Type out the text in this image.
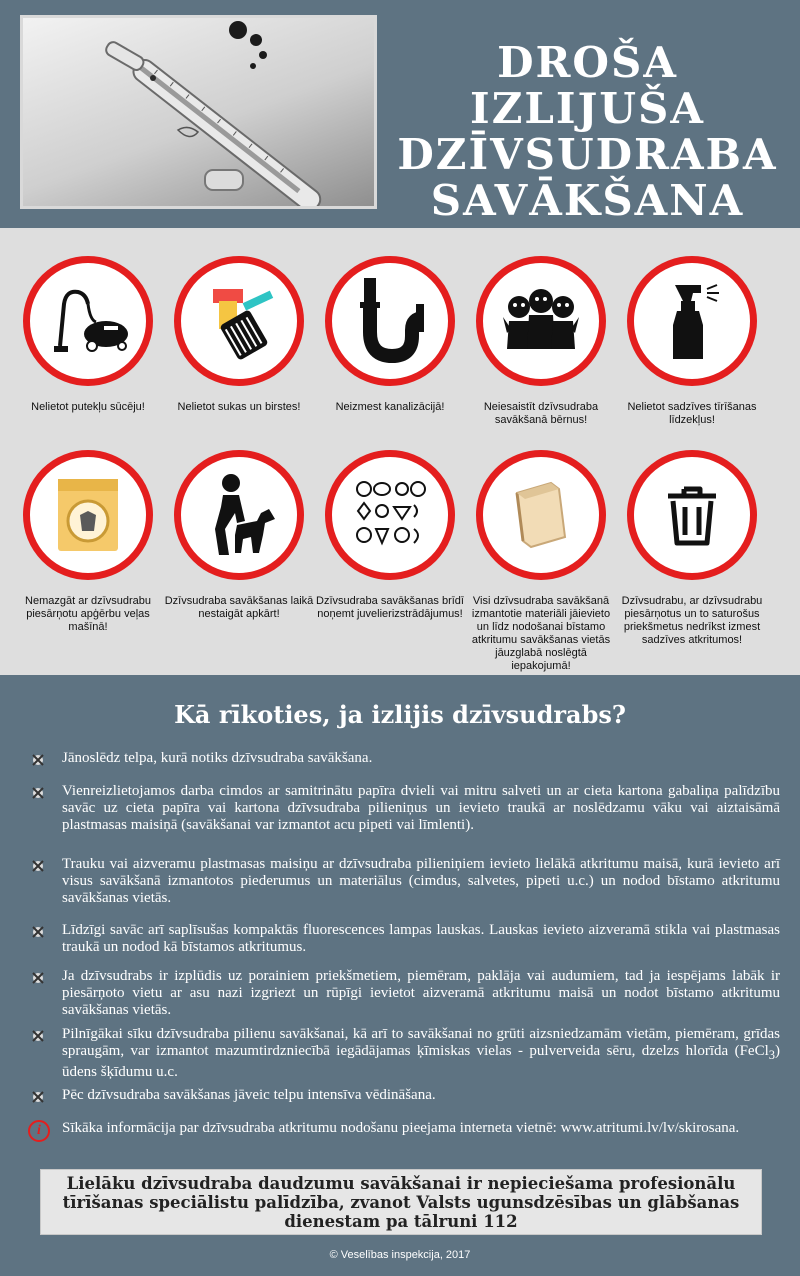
DROŠA IZLIJUŠA
DZĪVSUDRABA
SAVĀKŠANA
Nelietot putekļu sūcēju!	Nelietot sukas un birstes!	Neizmest kanalizācijā!	Neiesaistīt dzīvsudraba savākšanā bērnus!
Nelietot sadzīves tīrīšanas līdzekļus!
Nemazgāt ar dzīvsudrabu piesārņotu apģērbu veļas mašīnā!
Dzīvsudraba savākšanas laikā nestaigāt apkārt!
Dzīvsudraba savākšanas brīdī noņemt juvelierizstrādājumus!
Visi dzīvsudraba savākšanā izmantotie materiāli jāievieto un līdz nodošanai bīstamo atkritumu savākšanas vietās jāuzglabā noslēgtā iepakojumā!
Dzīvsudrabu, ar dzīvsudrabu piesārņotus un to saturošus priekšmetus nedrīkst izmest sadzīves atkritumos!
Kā rīkoties, ja izlijis dzīvsudrabs?
Jānoslēdz telpa, kurā notiks dzīvsudraba savākšana.
Vienreizlietojamos darba cimdos ar samitrinātu papīra dvieli vai mitru salveti un ar cieta kartona gabaliņa palīdzību savāc uz cieta papīra vai kartona dzīvsudraba pilieniņus un ievieto traukā ar noslēdzamu vāku vai aiztaisāmā plastmasas maisiņā (savākšanai var izmantot acu pipeti vai līmlenti).
Trauku vai aizveramu plastmasas maisiņu ar dzīvsudraba pilieniņiem ievieto lielākā atkritumu maisā, kurā ievieto arī visus savākšanā izmantotos piederumus un materiālus (cimdus, salvetes, pipeti u.c.) un nodod bīstamo atkritumu savākšanas vietās.
Līdzīgi savāc arī saplīsušas kompaktās fluorescences lampas lauskas. Lauskas ievieto aizveramā stikla vai plastmasas traukā un nodod kā bīstamos atkritumus.
Ja dzīvsudrabs ir izplūdis uz porainiem priekšmetiem, piemēram, paklāja vai audumiem, tad ja iespējams labāk ir piesārņoto vietu ar asu nazi izgriezt un rūpīgi ievietot aizveramā atkritumu maisā un nodot bīstamo atkritumu savākšanas vietās.
Pilnīgākai sīku dzīvsudraba pilienu savākšanai, kā arī to savākšanai no grūti aizsniedzamām vietām, piemēram, grīdas spraugām, var izmantot mazumtirdzniecībā iegādājamas ķīmiskas vielas - pulverveida sēru, dzelzs hlorīda (FeCl$_3$) ūdens šķīdumu u.c.
Pēc dzīvsudraba savākšanas jāveic telpu intensīva vēdināšana.
i	Sīkāka informācija par dzīvsudraba atkritumu nodošanu pieejama interneta vietnē: www.atritumi.lv/lv/skirosana.
Lielāku dzīvsudraba daudzumu savākšanai ir nepieciešama profesionālu tīrīšanas speciālistu palīdzība, zvanot Valsts ugunsdzēsības un glābšanas dienestam pa tālruni 112
© Veselības inspekcija, 2017
